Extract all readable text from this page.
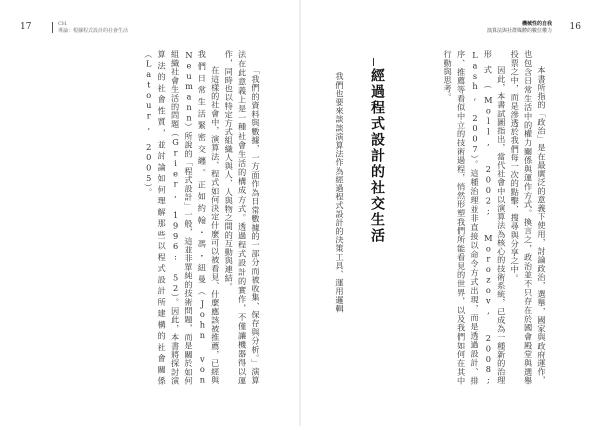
17	CH.
導論：根據程式設計的社會生活

「我們的資料與數據，一方面作為日常數據的一部分而被收集、保存與分析。」演算法在此意義上是一種社會生活的構成方式。透過程式設計的實作，不僅讓機器得以運作，同時也以特定方式組織人與人、人與物之間的互動與連結。

在這樣的社會中，演算法、程式如何決定什麼可以被看見、什麼應該被推薦，已經與我們日常生活緊密交纏。正如約翰・馮・紐曼（John von Neumann）所說的「程式設計」一般，這並非單純的技術問題，而是關於如何組織社會生活的問題（Grier, 1996: 52）。因此，本書將探討演算法的社會性質，並討論如何理解那些以程式設計所建構的社會關係（Latour, 2005）。

16
機械性的自我
演算法與社群媒體的數位權力

本書所指的「政治」是在最廣泛的意義下使用，討論政治，選舉，國家與政府運作，也包含日常生活中的權力關係與運作方式。換言之，政治並不只存在於國會殿堂與選舉投票之中，而是滲透於我們每一次的點擊、搜尋與分享之中。

因此，本書試圖指出，當代社會中以演算法為核心的技術系統，已成為一種新的治理形式（Moll, 2002; Morozov, 2008; Lash, 2007）。這種治理並非直接以命令方式出現，而是透過設計、排序、推薦等看似中立的技術過程，悄然形塑我們所能看見的世界，以及我們如何在其中行動與思考。

經過程式設計的社交生活
我們也要來談談演算法作為經過程式設計的決策工具、運用邏輯
